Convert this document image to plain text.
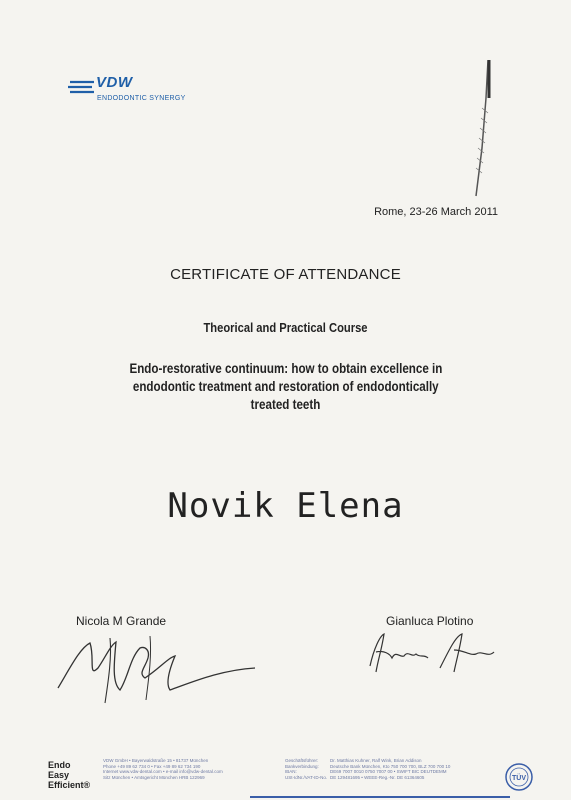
VDW
ENDODONTIC SYNERGY
Rome, 23-26 March 2011
CERTIFICATE OF ATTENDANCE
Theorical and Practical Course
Endo-restorative continuum: how to obtain excellence in
endodontic treatment and restoration of endodontically
treated teeth
Novik Elena
Nicola M Grande	Gianluca Plotino
Endo
Easy
Efficient®
VDW GmbH • Bayerwaldstraße 15 • 81737 München
Phone +49 89 62 734 0 • Fax +49 89 62 734 190
Internet www.vdw-dental.com • e-mail info@vdw-dental.com
Sitz München • Amtsgericht München HRB 122969
Geschäftsführer:
Bankverbindung:
IBAN:
USt-IdNr./VAT-ID-No.
Dr. Matthias Kuhner, Ralf Wink, Brian Addison
Deutsche Bank München, Kto 750 700 700, BLZ 700 700 10
DE69 7007 0010 0750 7007 00 • SWIFT BIC DEUTDEMM
DE 129481695 • WEEE-Reg.-Nr. DE 61364605	TÜV
